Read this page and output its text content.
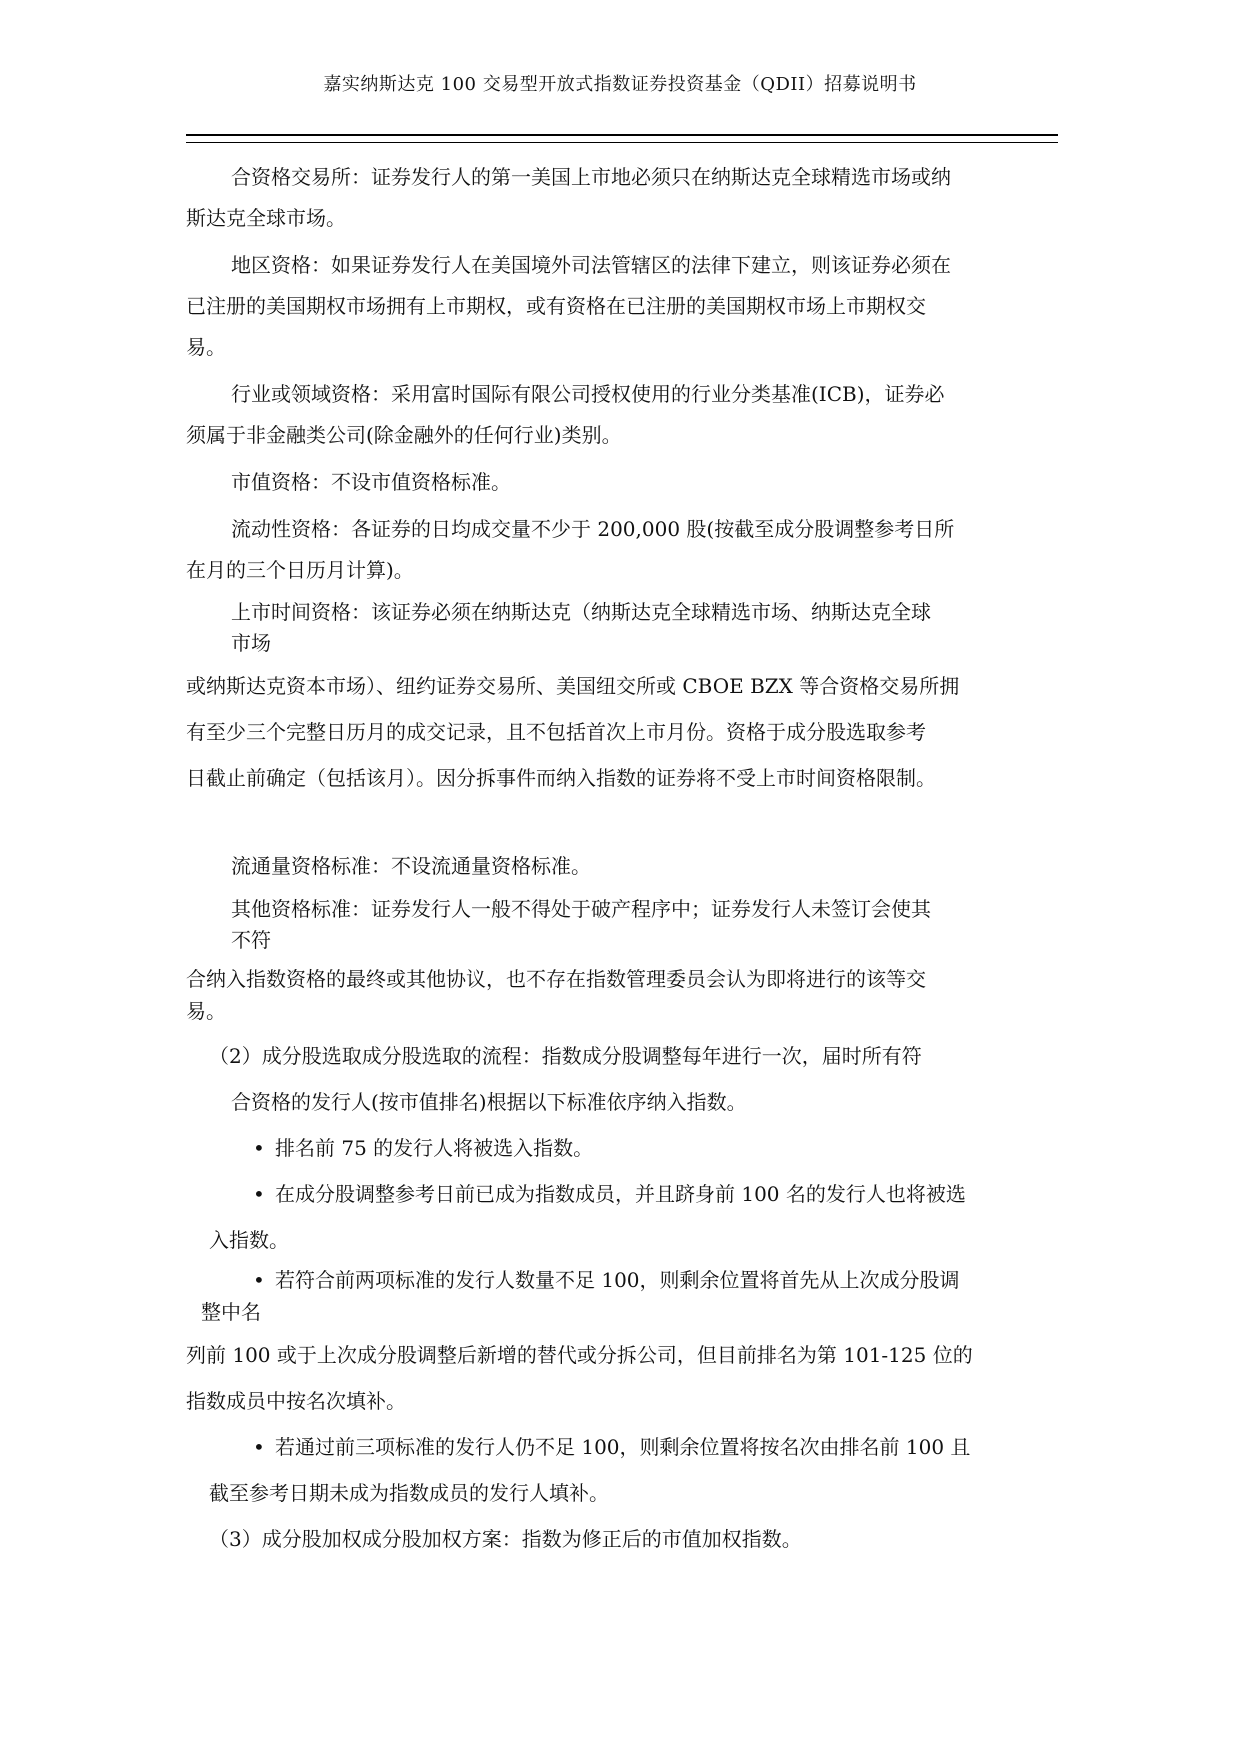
嘉实纳斯达克 100 交易型开放式指数证券投资基金（QDII）招募说明书

合资格交易所：证券发行人的第一美国上市地必须只在纳斯达克全球精选市场或纳

斯达克全球市场。

地区资格：如果证券发行人在美国境外司法管辖区的法律下建立，则该证券必须在

已注册的美国期权市场拥有上市期权，或有资格在已注册的美国期权市场上市期权交

易。

行业或领域资格：采用富时国际有限公司授权使用的行业分类基准(ICB)，证券必

须属于非金融类公司(除金融外的任何行业)类别。

市值资格：不设市值资格标准。

流动性资格：各证券的日均成交量不少于 200,000 股(按截至成分股调整参考日所

在月的三个日历月计算)。

上市时间资格：该证券必须在纳斯达克（纳斯达克全球精选市场、纳斯达克全球

市场

或纳斯达克资本市场）、纽约证券交易所、美国纽交所或 CBOE BZX 等合资格交易所拥

有至少三个完整日历月的成交记录，且不包括首次上市月份。资格于成分股选取参考

日截止前确定（包括该月）。因分拆事件而纳入指数的证券将不受上市时间资格限制。

流通量资格标准：不设流通量资格标准。

其他资格标准：证券发行人一般不得处于破产程序中；证券发行人未签订会使其

不符

合纳入指数资格的最终或其他协议，也不存在指数管理委员会认为即将进行的该等交

易。

（2）成分股选取成分股选取的流程：指数成分股调整每年进行一次，届时所有符

合资格的发行人(按市值排名)根据以下标准依序纳入指数。

• 排名前 75 的发行人将被选入指数。

• 在成分股调整参考日前已成为指数成员，并且跻身前 100 名的发行人也将被选

入指数。

• 若符合前两项标准的发行人数量不足 100，则剩余位置将首先从上次成分股调

整中名

列前 100 或于上次成分股调整后新增的替代或分拆公司，但目前排名为第 101-125 位的

指数成员中按名次填补。

• 若通过前三项标准的发行人仍不足 100，则剩余位置将按名次由排名前 100 且

截至参考日期未成为指数成员的发行人填补。

（3）成分股加权成分股加权方案：指数为修正后的市值加权指数。
